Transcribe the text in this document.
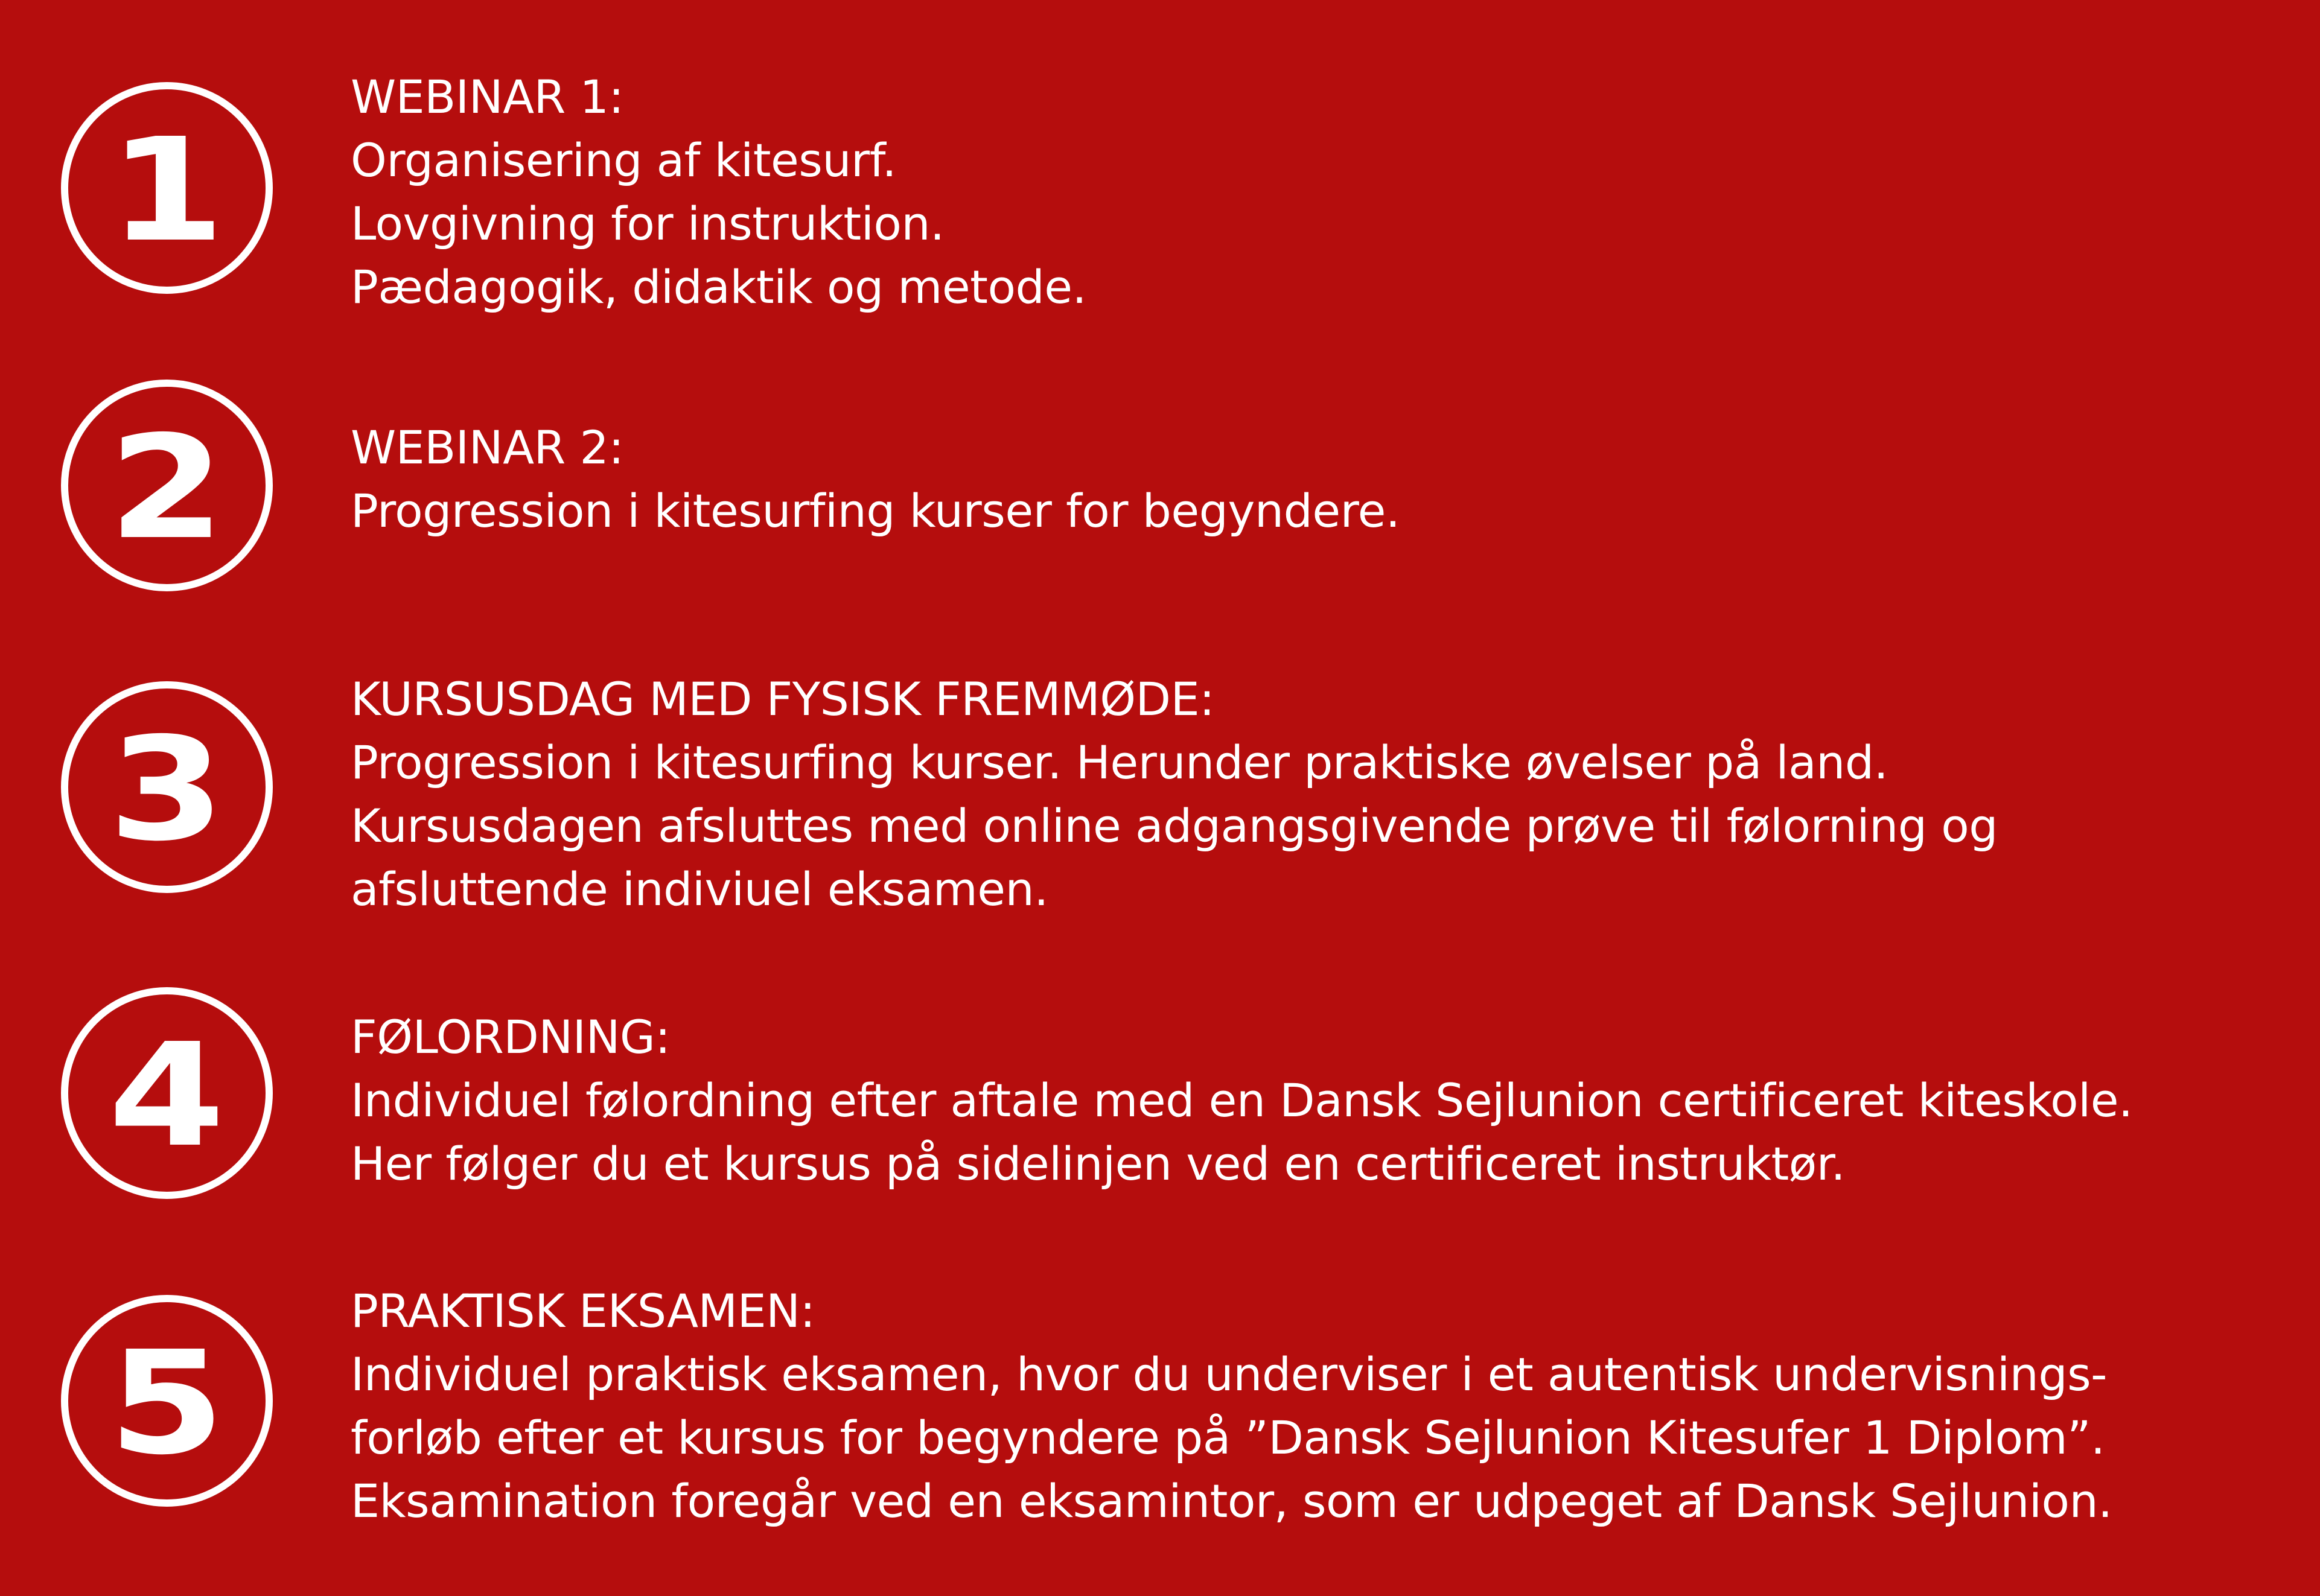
1
WEBINAR 1:
Organisering af kitesurf.
Lovgivning for instruktion.
Pædagogik, didaktik og metode.
2	WEBINAR 2:
Progression i kitesurfing kurser for begyndere.
3
KURSUSDAG MED FYSISK FREMMØDE:
Progression i kitesurfing kurser. Herunder praktiske øvelser på land.
Kursusdagen afsluttes med online adgangsgivende prøve til følorning og
afsluttende indiviuel eksamen.
4	FØLORDNING:
Individuel følordning efter aftale med en Dansk Sejlunion certificeret kiteskole.
Her følger du et kursus på sidelinjen ved en certificeret instruktør.
5
PRAKTISK EKSAMEN:
Individuel praktisk eksamen, hvor du underviser i et autentisk undervisnings-
forløb efter et kursus for begyndere på ”Dansk Sejlunion Kitesufer 1 Diplom”.
Eksamination foregår ved en eksamintor, som er udpeget af Dansk Sejlunion.
